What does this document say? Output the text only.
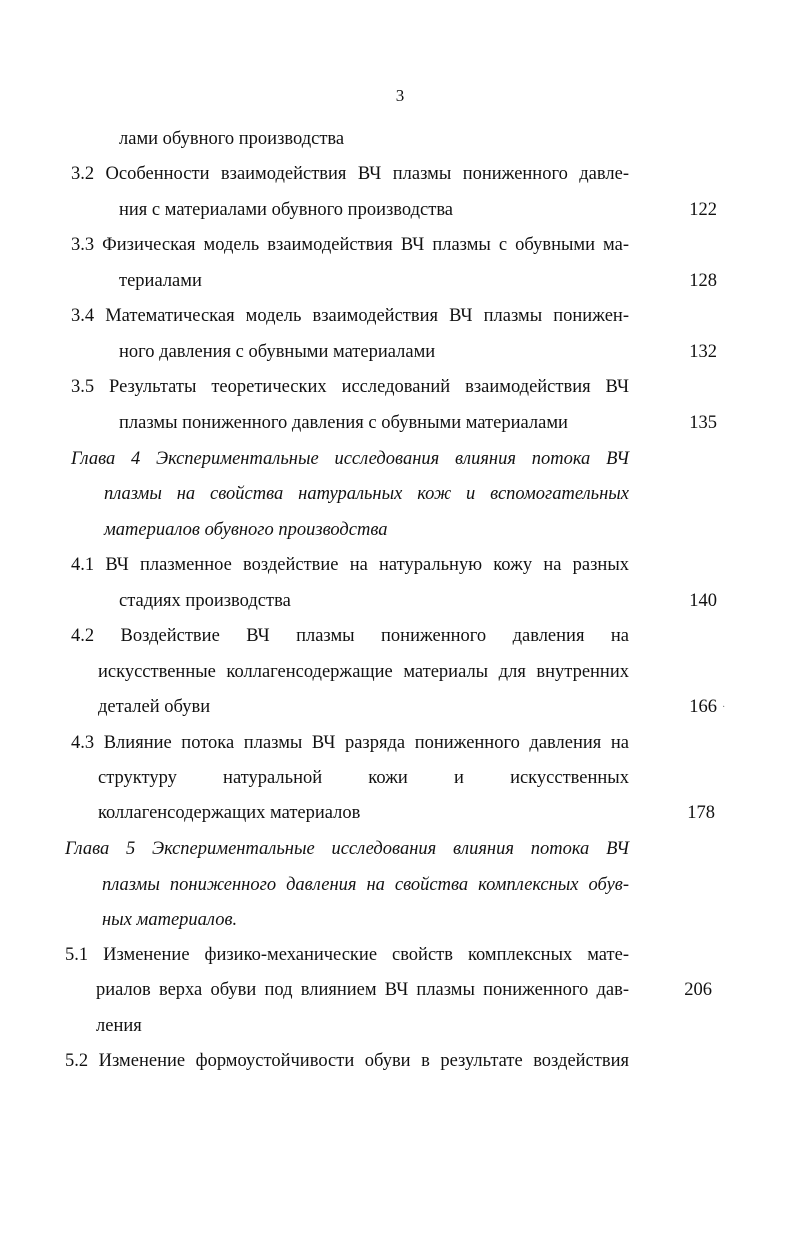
3
лами обувного производства
3.2 Особенности взаимодействия ВЧ плазмы пониженного давле-
ния с материалами обувного производства	122
3.3 Физическая модель взаимодействия ВЧ плазмы с обувными ма-
териалами	128
3.4 Математическая модель взаимодействия ВЧ плазмы понижен-
ного давления с обувными материалами	132
3.5 Результаты теоретических исследований взаимодействия ВЧ
плазмы пониженного давления с обувными материалами	135
Глава 4 Экспериментальные исследования влияния потока ВЧ
плазмы на свойства натуральных кож и вспомогательных
материалов обувного производства
4.1 ВЧ плазменное воздействие на натуральную кожу на разных
стадиях производства	140
4.2 Воздействие ВЧ плазмы пониженного давления на
искусственные коллагенсодержащие материалы для внутренних
деталей обуви	166 ·
4.3 Влияние потока плазмы ВЧ разряда пониженного давления на
структуру натуральной кожи и искусственных
коллагенсодержащих материалов	178
Глава 5 Экспериментальные исследования влияния потока ВЧ
плазмы пониженного давления на свойства комплексных обув-
ных материалов.
5.1 Изменение физико-механические свойств комплексных мате-
риалов верха обуви под влиянием ВЧ плазмы пониженного дав-	206
ления
5.2 Изменение формоустойчивости обуви в результате воздействия
